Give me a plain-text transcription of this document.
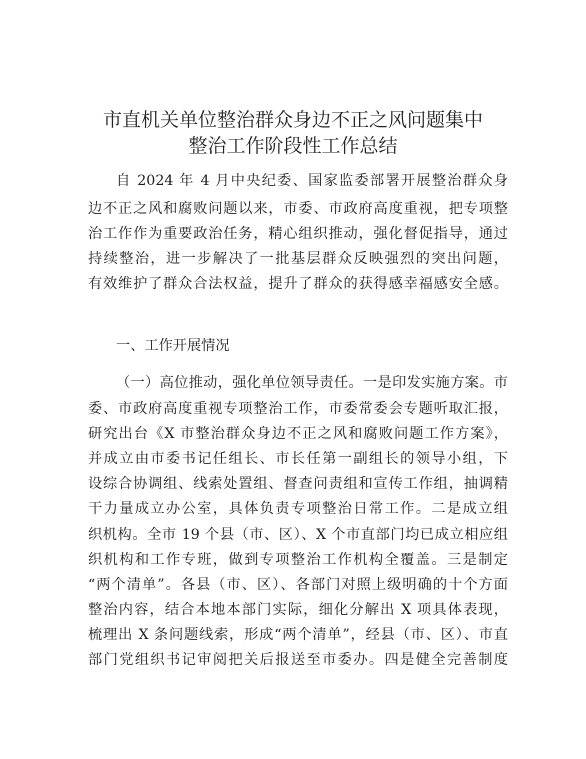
市直机关单位整治群众身边不正之风问题集中
整治工作阶段性工作总结

自 2024 年 4 月中央纪委、国家监委部署开展整治群众身

边不正之风和腐败问题以来，市委、市政府高度重视，把专项整

治工作作为重要政治任务，精心组织推动，强化督促指导，通过

持续整治，进一步解决了一批基层群众反映强烈的突出问题，

有效维护了群众合法权益，提升了群众的获得感幸福感安全感。

一、工作开展情况

（一）高位推动，强化单位领导责任。一是印发实施方案。市

委、市政府高度重视专项整治工作，市委常委会专题听取汇报，

研究出台《X 市整治群众身边不正之风和腐败问题工作方案》，

并成立由市委书记任组长、市长任第一副组长的领导小组，下

设综合协调组、线索处置组、督查问责组和宣传工作组，抽调精

干力量成立办公室，具体负责专项整治日常工作。二是成立组

织机构。全市 19 个县（市、区）、X 个市直部门均已成立相应组

织机构和工作专班，做到专项整治工作机构全覆盖。三是制定

“两个清单”。各县（市、区）、各部门对照上级明确的十个方面

整治内容，结合本地本部门实际，细化分解出 X 项具体表现，

梳理出 X 条问题线索，形成“两个清单”，经县（市、区）、市直

部门党组织书记审阅把关后报送至市委办。四是健全完善制度
